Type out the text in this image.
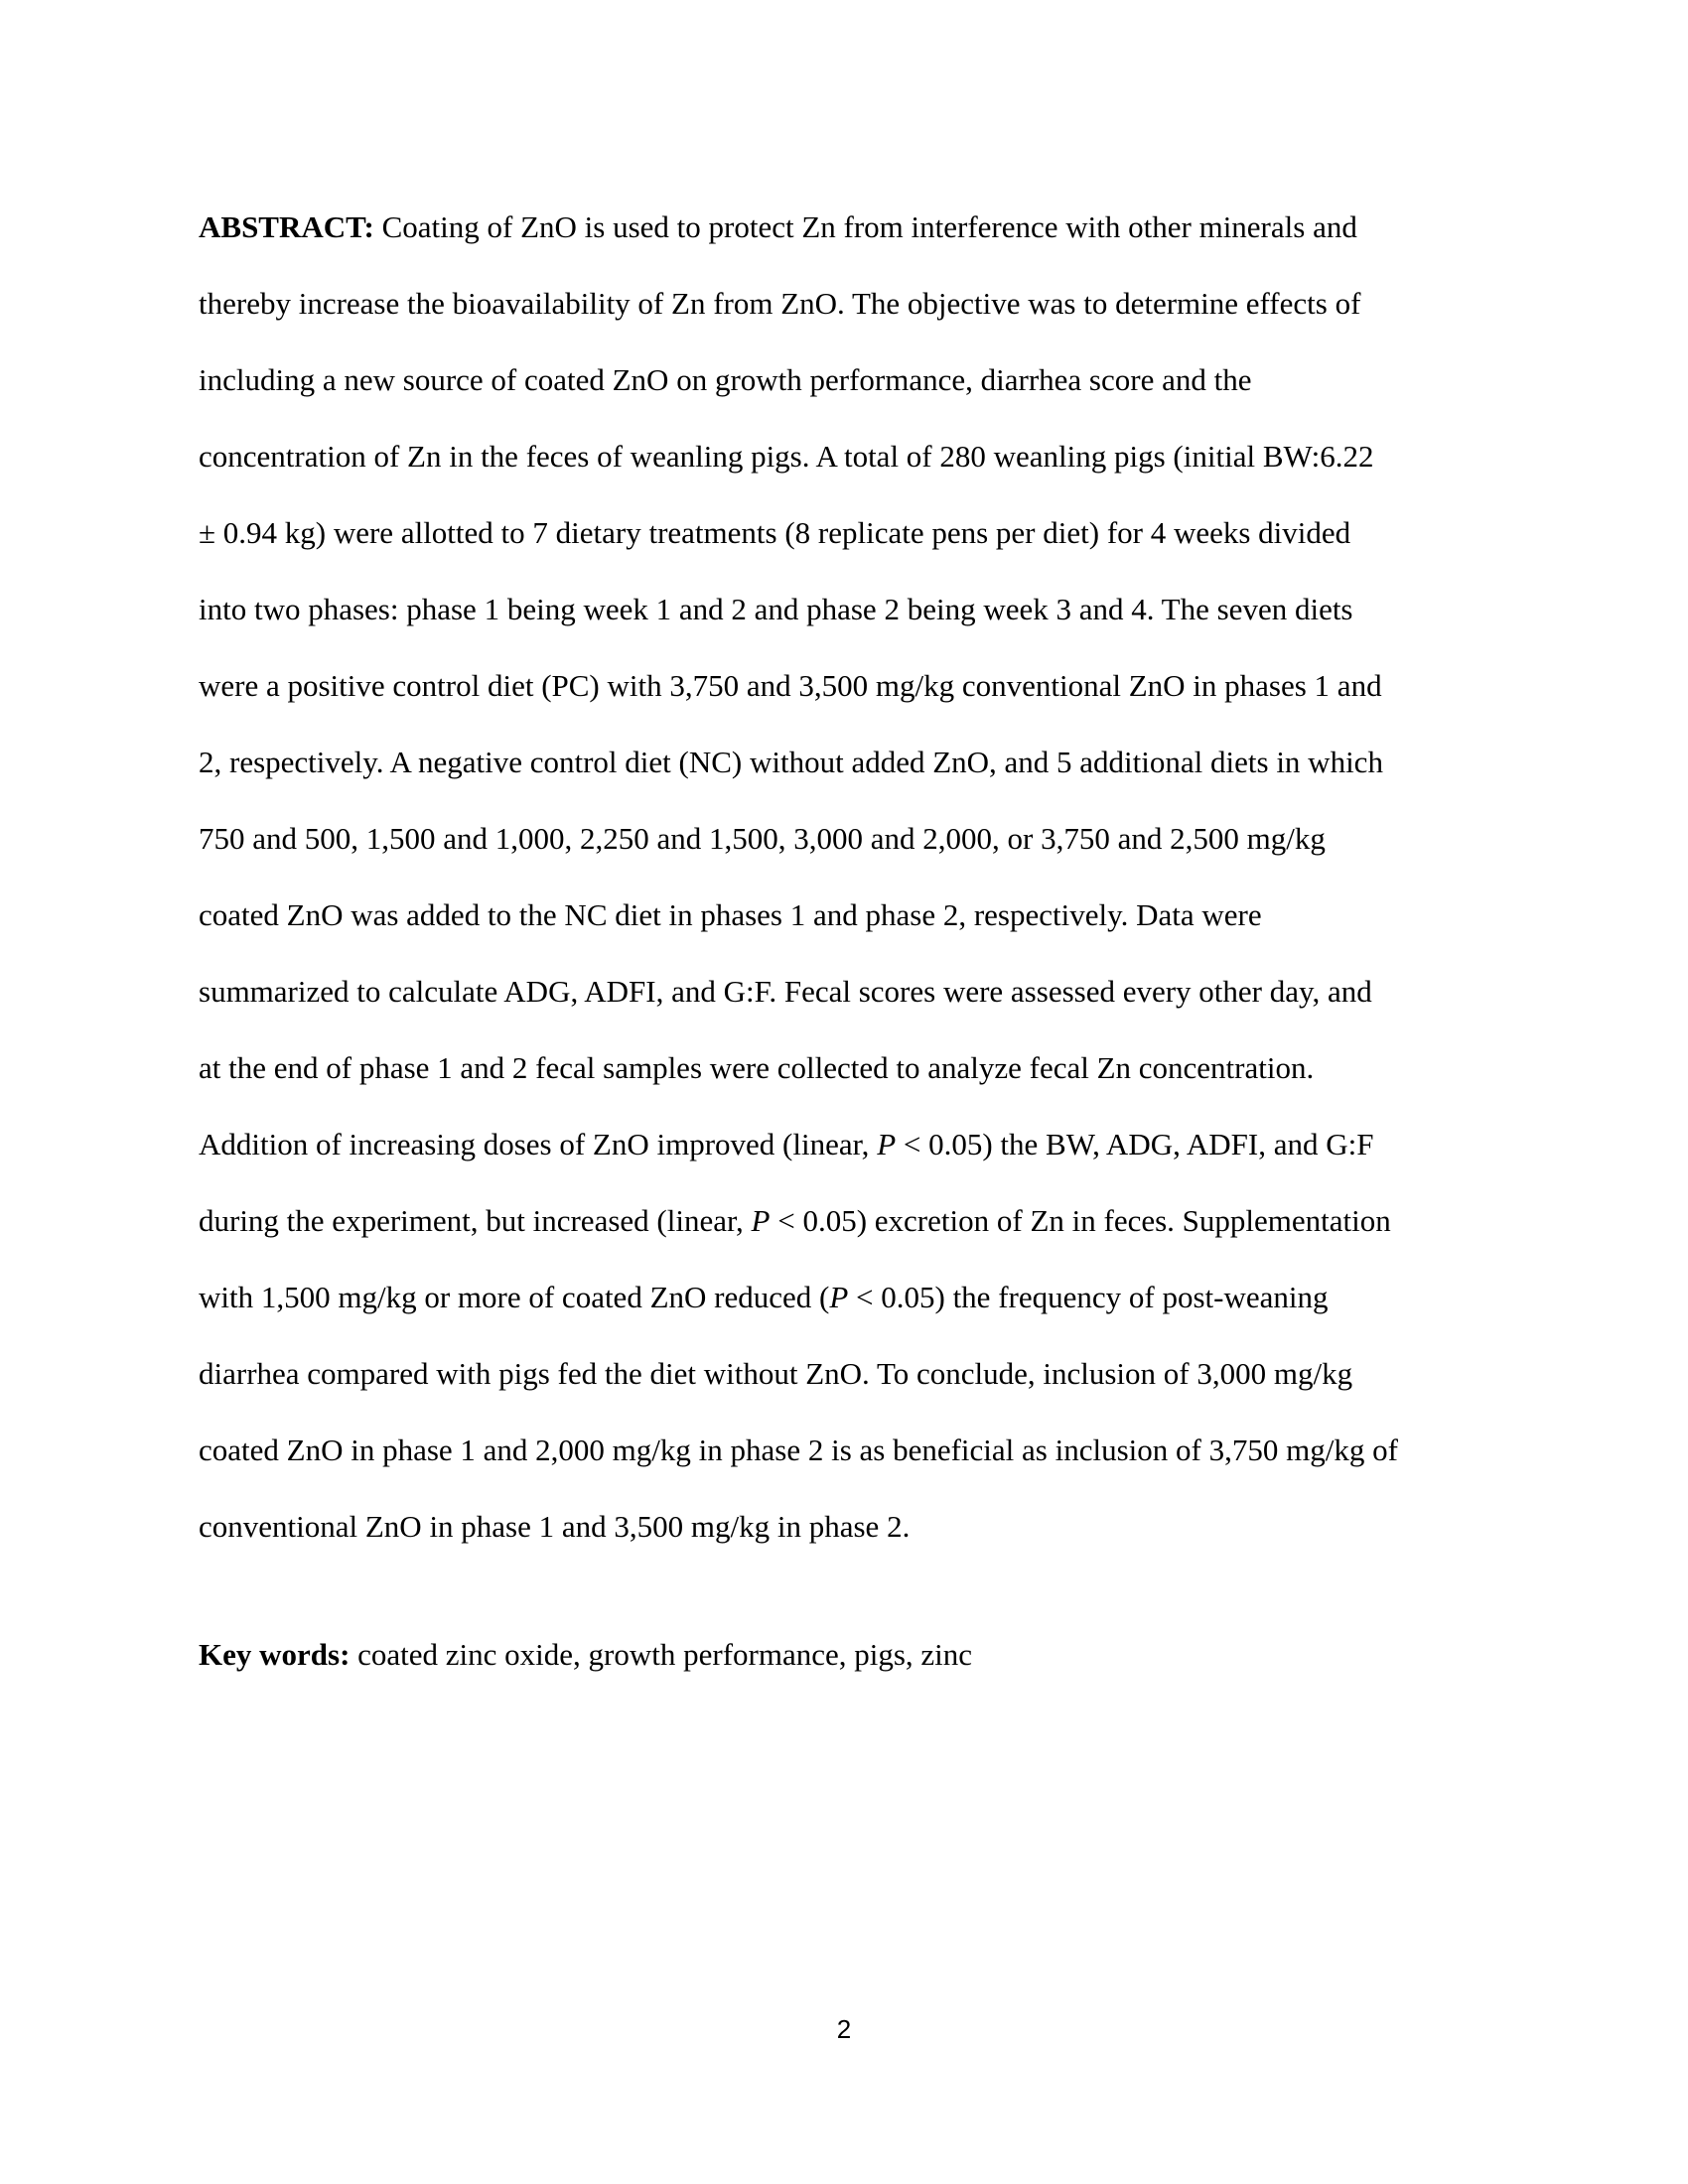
ABSTRACT: Coating of ZnO is used to protect Zn from interference with other minerals and
thereby increase the bioavailability of Zn from ZnO. The objective was to determine effects of
including a new source of coated ZnO on growth performance, diarrhea score and the
concentration of Zn in the feces of weanling pigs. A total of 280 weanling pigs (initial BW:6.22
± 0.94 kg) were allotted to 7 dietary treatments (8 replicate pens per diet) for 4 weeks divided
into two phases: phase 1 being week 1 and 2 and phase 2 being week 3 and 4. The seven diets
were a positive control diet (PC) with 3,750 and 3,500 mg/kg conventional ZnO in phases 1 and
2, respectively. A negative control diet (NC) without added ZnO, and 5 additional diets in which
750 and 500, 1,500 and 1,000, 2,250 and 1,500, 3,000 and 2,000, or 3,750 and 2,500 mg/kg
coated ZnO was added to the NC diet in phases 1 and phase 2, respectively. Data were
summarized to calculate ADG, ADFI, and G:F. Fecal scores were assessed every other day, and
at the end of phase 1 and 2 fecal samples were collected to analyze fecal Zn concentration.
Addition of increasing doses of ZnO improved (linear, P < 0.05) the BW, ADG, ADFI, and G:F
during the experiment, but increased (linear, P < 0.05) excretion of Zn in feces. Supplementation
with 1,500 mg/kg or more of coated ZnO reduced (P < 0.05) the frequency of post-weaning
diarrhea compared with pigs fed the diet without ZnO. To conclude, inclusion of 3,000 mg/kg
coated ZnO in phase 1 and 2,000 mg/kg in phase 2 is as beneficial as inclusion of 3,750 mg/kg of
conventional ZnO in phase 1 and 3,500 mg/kg in phase 2.
Key words: coated zinc oxide, growth performance, pigs, zinc
2
